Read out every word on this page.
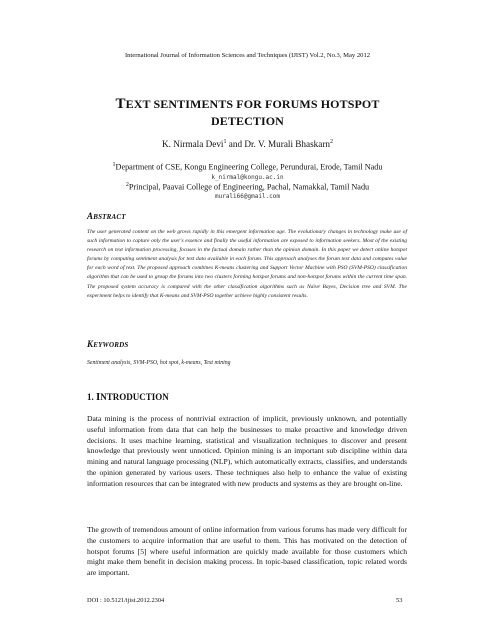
International Journal of Information Sciences and Techniques (IJIST) Vol.2, No.3, May 2012
TEXT SENTIMENTS FOR FORUMS HOTSPOT
DETECTION
K. Nirmala Devi$^1$ and Dr. V. Murali Bhaskarn$^2$
$^1$Department of CSE, Kongu Engineering College, Perundurai, Erode, Tamil Nadu
k_nirmal@kongu.ac.in
$^2$Principal, Paavai College of Engineering, Pachal, Namakkal, Tamil Nadu
murali66@gmail.com
ABSTRACT
The user generated content on the web grows rapidly in this emergent information age. The evolutionary changes in technology make use of such information to capture only the user's essence and finally the useful information are exposed to information seekers. Most of the existing research on text information processing, focuses in the factual domain rather than the opinion domain. In this paper we detect online hotspot forums by computing sentiment analysis for text data available in each forum. This approach analyses the forum text data and computes value for each word of text. The proposed approach combines K-means clustering and Support Vector Machine with PSO (SVM-PSO) classification algorithm that can be used to group the forums into two clusters forming hotspot forums and non-hotspot forums within the current time span. The proposed system accuracy is compared with the other classification algorithms such as Naïve Bayes, Decision tree and SVM. The experiment helps to identify that K-means and SVM-PSO together achieve highly consistent results.
KEYWORDS
Sentiment analysis, SVM-PSO, hot spot, k-means, Text mining
1. INTRODUCTION
Data mining is the process of nontrivial extraction of implicit, previously unknown, and potentially useful information from data that can help the businesses to make proactive and knowledge driven decisions. It uses machine learning, statistical and visualization techniques to discover and present knowledge that previously went unnoticed. Opinion mining is an important sub discipline within data mining and natural language processing (NLP), which automatically extracts, classifies, and understands the opinion generated by various users. These techniques also help to enhance the value of existing information resources that can be integrated with new products and systems as they are brought on-line.
The growth of tremendous amount of online information from various forums has made very difficult for the customers to acquire information that are useful to them. This has motivated on the detection of hotspot forums [5] where useful information are quickly made available for those customers which might make them benefit in decision making process. In topic-based classification, topic related words are important.
DOI : 10.5121/ijist.2012.2304	53
